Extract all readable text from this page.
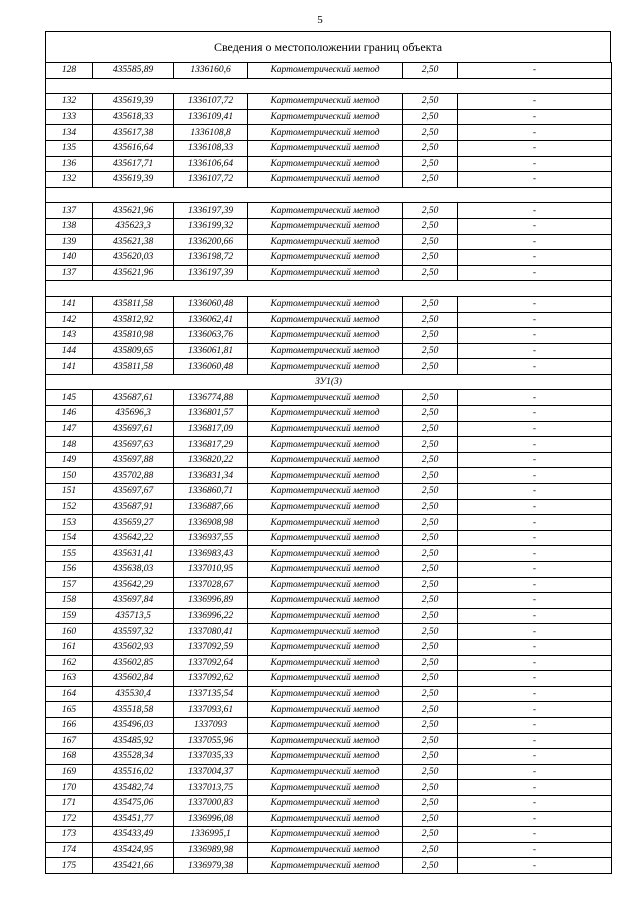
5
Сведения о местоположении границ объекта
128	435585,89	1336160,6	Картометрический метод	2,50	-

132	435619,39	1336107,72	Картометрический метод	2,50	-
133	435618,33	1336109,41	Картометрический метод	2,50	-
134	435617,38	1336108,8	Картометрический метод	2,50	-
135	435616,64	1336108,33	Картометрический метод	2,50	-
136	435617,71	1336106,64	Картометрический метод	2,50	-
132	435619,39	1336107,72	Картометрический метод	2,50	-

137	435621,96	1336197,39	Картометрический метод	2,50	-
138	435623,3	1336199,32	Картометрический метод	2,50	-
139	435621,38	1336200,66	Картометрический метод	2,50	-
140	435620,03	1336198,72	Картометрический метод	2,50	-
137	435621,96	1336197,39	Картометрический метод	2,50	-

141	435811,58	1336060,48	Картометрический метод	2,50	-
142	435812,92	1336062,41	Картометрический метод	2,50	-
143	435810,98	1336063,76	Картометрический метод	2,50	-
144	435809,65	1336061,81	Картометрический метод	2,50	-
141	435811,58	1336060,48	Картометрический метод	2,50	-
ЗУ1(3)					
145	435687,61	1336774,88	Картометрический метод	2,50	-
146	435696,3	1336801,57	Картометрический метод	2,50	-
147	435697,61	1336817,09	Картометрический метод	2,50	-
148	435697,63	1336817,29	Картометрический метод	2,50	-
149	435697,88	1336820,22	Картометрический метод	2,50	-
150	435702,88	1336831,34	Картометрический метод	2,50	-
151	435697,67	1336860,71	Картометрический метод	2,50	-
152	435687,91	1336887,66	Картометрический метод	2,50	-
153	435659,27	1336908,98	Картометрический метод	2,50	-
154	435642,22	1336937,55	Картометрический метод	2,50	-
155	435631,41	1336983,43	Картометрический метод	2,50	-
156	435638,03	1337010,95	Картометрический метод	2,50	-
157	435642,29	1337028,67	Картометрический метод	2,50	-
158	435697,84	1336996,89	Картометрический метод	2,50	-
159	435713,5	1336996,22	Картометрический метод	2,50	-
160	435597,32	1337080,41	Картометрический метод	2,50	-
161	435602,93	1337092,59	Картометрический метод	2,50	-
162	435602,85	1337092,64	Картометрический метод	2,50	-
163	435602,84	1337092,62	Картометрический метод	2,50	-
164	435530,4	1337135,54	Картометрический метод	2,50	-
165	435518,58	1337093,61	Картометрический метод	2,50	-
166	435496,03	1337093	Картометрический метод	2,50	-
167	435485,92	1337055,96	Картометрический метод	2,50	-
168	435528,34	1337035,33	Картометрический метод	2,50	-
169	435516,02	1337004,37	Картометрический метод	2,50	-
170	435482,74	1337013,75	Картометрический метод	2,50	-
171	435475,06	1337000,83	Картометрический метод	2,50	-
172	435451,77	1336996,08	Картометрический метод	2,50	-
173	435433,49	1336995,1	Картометрический метод	2,50	-
174	435424,95	1336989,98	Картометрический метод	2,50	-
175	435421,66	1336979,38	Картометрический метод	2,50	-
